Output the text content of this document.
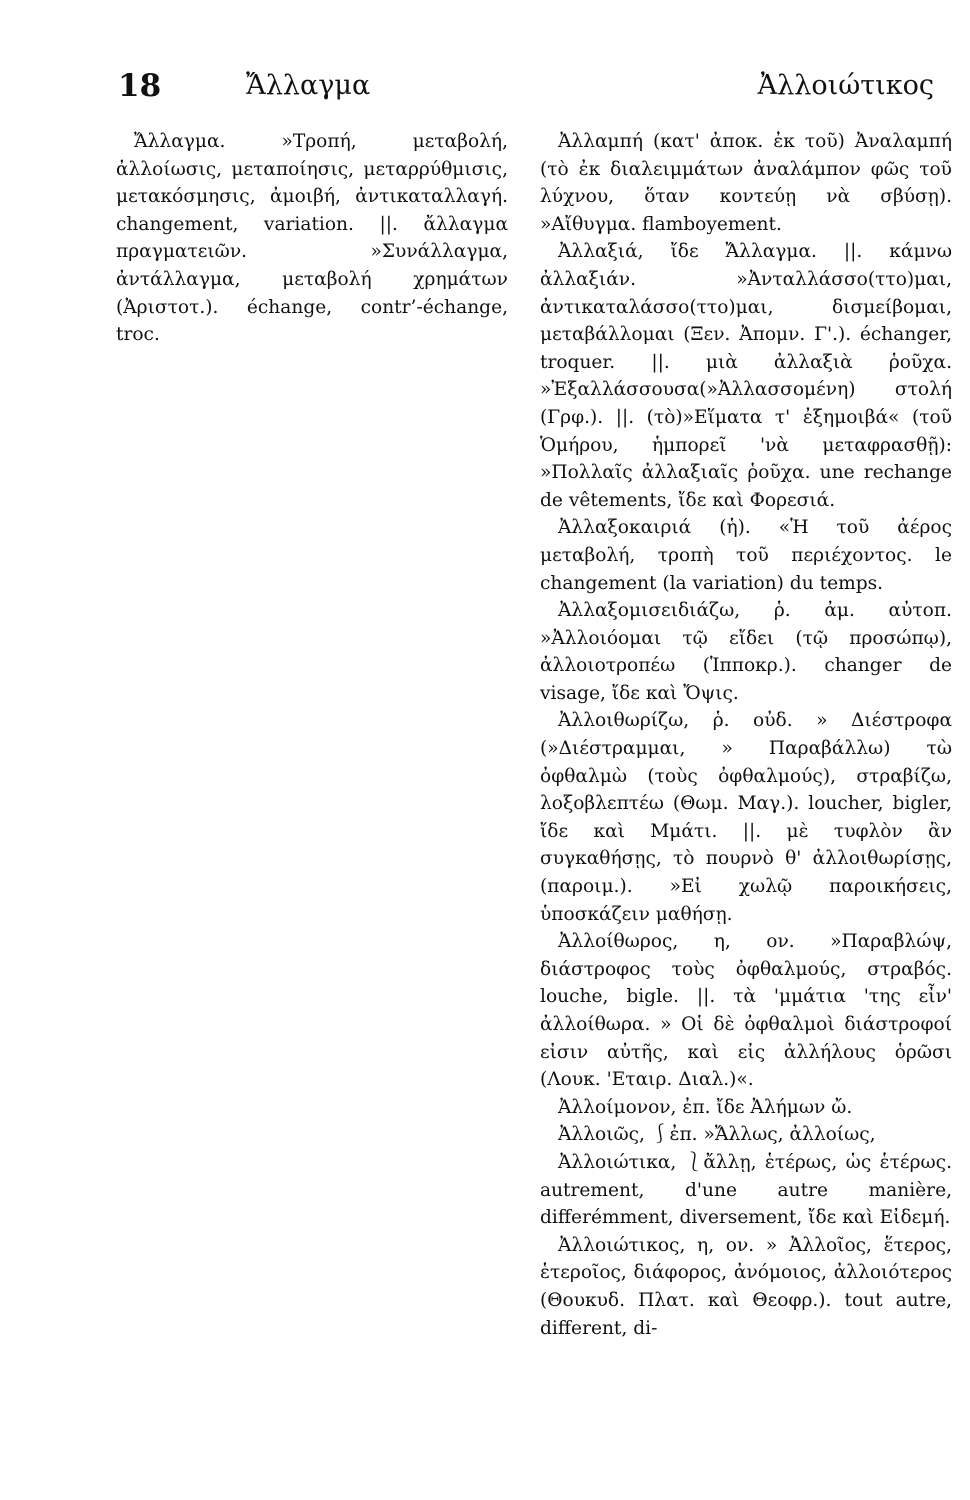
18	Ἄλλαγμα	Ἀλλοιώτικος

Ἄλλαγμα. »Τροπή, μεταβολή, ἀλλοίωσις, μεταποίησις, μεταρρύθμισις, μετακόσμησις, ἀμοιβή, ἀντικαταλλαγή. changement, variation. ||. ἄλλαγμα πραγματειῶν. »Συνάλλαγμα, ἀντάλλαγμα, μεταβολή χρημάτων (Ἀριστοτ.). échange, contr’-échange, troc.

Ἀλλαμπή (κατ' ἀποκ. ἐκ τοῦ) Ἀναλαμπή (τὸ ἐκ διαλειμμάτων ἀναλάμπον φῶς τοῦ λύχνου, ὅταν κοντεύῃ νὰ σβύσῃ). »Αἴθυγμα. flamboyement.

Ἀλλαξιά, ἴδε Ἄλλαγμα. ||. κάμνω ἀλλαξιάν. »Ἀνταλλάσσο(ττο)μαι, ἀντικαταλάσσο(ττο)μαι, δισμείβομαι, μεταβάλλομαι (Ξεν. Ἀπομν. Γ'.). échanger, troquer. ||. μιὰ ἀλλαξιὰ ῥοῦχα. »Ἐξαλλάσσουσα(»Ἀλλασσομένη) στολή (Γρφ.). ||. (τὸ)»Εἵματα τ' ἐξημοιβά« (τοῦ Ὁμήρου, ἡμπορεῖ 'νὰ μεταφρασθῇ): »Πολλαῖς ἀλλαξιαῖς ῥοῦχα. une rechange de vêtements, ἴδε καὶ Φορεσιά.

Ἀλλαξοκαιριά (ἡ). «Ἡ τοῦ ἀέρος μεταβολή, τροπὴ τοῦ περιέχοντος. le changement (la variation) du temps.

Ἀλλαξομισειδιάζω, ῥ. ἀμ. αὐτοπ. »Ἀλλοιόομαι τῷ εἴδει (τῷ προσώπῳ), ἀλλοιοτροπέω (Ἱπποκρ.). changer de visage, ἴδε καὶ Ὄψις.

Ἀλλοιθωρίζω, ῥ. οὐδ. » Διέστροφα (»Διέστραμμαι, » Παραβάλλω) τὼ ὀφθαλμὼ (τοὺς ὀφθαλμούς), στραβίζω, λοξοβλεπτέω (Θωμ. Μαγ.). loucher, bigler, ἴδε καὶ Μμάτι. ||. μὲ τυφλὸν ἂν συγκαθήσῃς, τὸ πουρνὸ θ' ἀλλοιθωρίσῃς, (παροιμ.). »Εἰ χωλῷ παροικήσεις, ὑποσκάζειν μαθήσῃ.

Ἀλλοίθωρος, η, ον. »Παραβλώψ, διάστροφος τοὺς ὀφθαλμούς, στραβός. louche, bigle. ||. τὰ 'μμάτια 'της εἶν' ἀλλοίθωρα. » Οἱ δὲ ὀφθαλμοὶ διάστροφοί εἰσιν αὐτῆς, καὶ εἰς ἀλλήλους ὁρῶσι (Λουκ. 'Εταιρ. Διαλ.)«.

Ἀλλοίμονον, ἐπ. ἴδε Ἀλήμων ὤ.

Ἀλλοιῶς, ⎰ἐπ. »Ἄλλως, ἀλλοίως,

Ἀλλοιώτικα, ⎱ἄλλῃ, ἑτέρως, ὡς ἑτέρως. autrement, d'une autre manière, differémment, diversement, ἴδε καὶ Εἰδεμή.

Ἀλλοιώτικος, η, ον. » Ἀλλοῖος, ἕτερος, ἑτεροῖος, διάφορος, ἀνόμοιος, ἀλλοιότερος (Θουκυδ. Πλατ. καὶ Θεοφρ.). tout autre, different, di-
